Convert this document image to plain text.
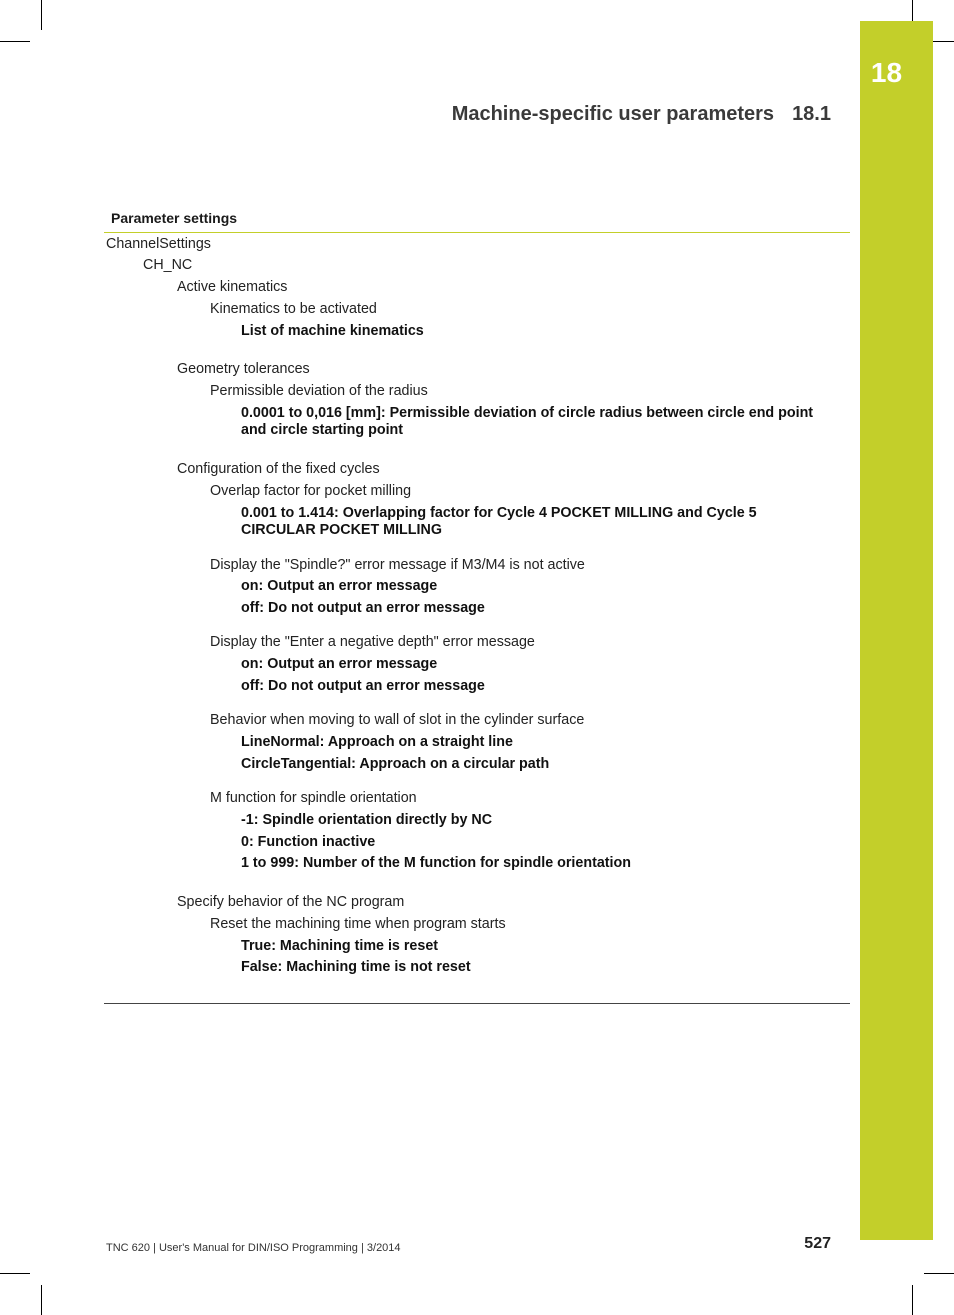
18
Machine-specific user parameters 18.1
Parameter settings
ChannelSettings
CH_NC
Active kinematics
Kinematics to be activated
List of machine kinematics
Geometry tolerances
Permissible deviation of the radius
0.0001 to 0,016 [mm]: Permissible deviation of circle radius between circle end point and circle starting point
Configuration of the fixed cycles
Overlap factor for pocket milling
0.001 to 1.414: Overlapping factor for Cycle 4 POCKET MILLING and Cycle 5 CIRCULAR POCKET MILLING
Display the "Spindle?" error message if M3/M4 is not active
on: Output an error message
off: Do not output an error message
Display the "Enter a negative depth" error message
on: Output an error message
off: Do not output an error message
Behavior when moving to wall of slot in the cylinder surface
LineNormal: Approach on a straight line
CircleTangential: Approach on a circular path
M function for spindle orientation
-1: Spindle orientation directly by NC
0: Function inactive
1 to 999: Number of the M function for spindle orientation
Specify behavior of the NC program
Reset the machining time when program starts
True: Machining time is reset
False: Machining time is not reset
TNC 620 | User's Manual for DIN/ISO Programming | 3/2014	527
